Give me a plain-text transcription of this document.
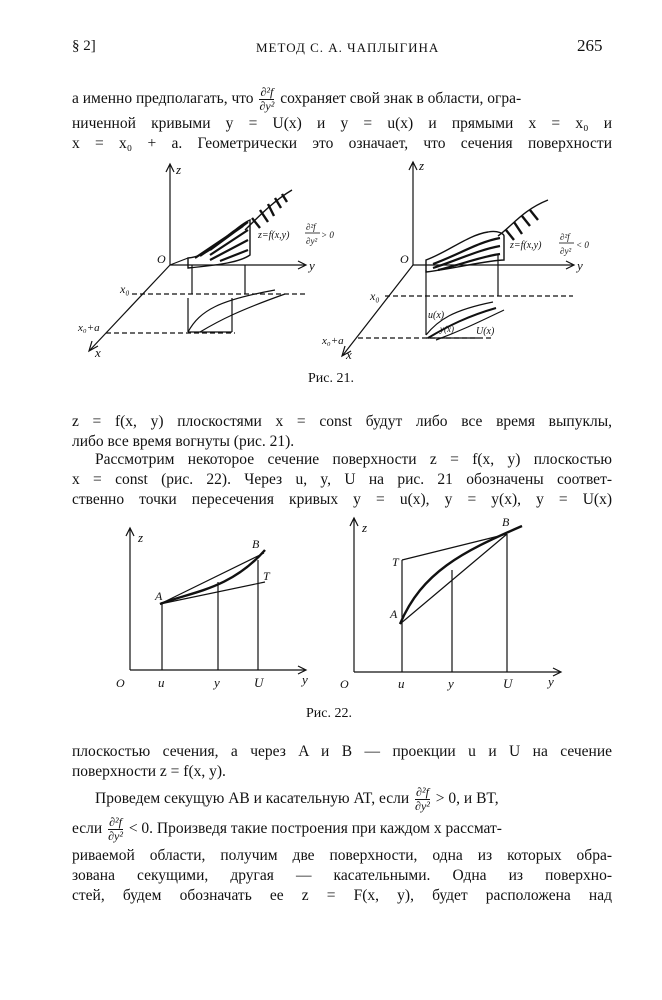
§ 2]	МЕТОД С. А. ЧАПЛЫГИНА	265
а именно предполагать, что $\frac{\text{∂²f}}{\text{∂y²}}$ сохраняет свой знак в области, огра-
ниченной кривыми y = U(x) и y = u(x) и прямыми x = x₀ и
x = x₀ + a. Геометрически это означает, что сечения поверхности
z
y
x
O
x₀
x₀+a
z=f(x,y)
∂²f
∂y²
> 0
z
y
x
O
x₀
x₀+a
z=f(x,y)
∂²f
∂y²
< 0
u(x)
y(x) U(x)
Рис. 21.
z = f(x, y) плоскостями x = const будут либо все время выпуклы,
либо все время вогнуты (рис. 21).
Рассмотрим некоторое сечение поверхности z = f(x, y) плоскостью
x = const (рис. 22). Через u, y, U на рис. 21 обозначены соответ-
ственно точки пересечения кривых y = u(x), y = y(x), y = U(x)
z
y
O	u	y	U
A
B
T
z
y
O	u	y	U
A
B
T
Рис. 22.
плоскостью сечения, а через A и B — проекции u и U на сечение
поверхности z = f(x, y).
Проведем секущую AB и касательную AT, если $\frac{\text{∂²f}}{\text{∂y²}} > 0$, и BT,
если $\frac{\text{∂²f}}{\text{∂y²}} < 0$. Произведя такие построения при каждом x рассмат-
риваемой области, получим две поверхности, одна из которых обра-
зована секущими, другая — касательными. Одна из поверхно-
стей, будем обозначать ее z = F(x, y), будет расположена над
